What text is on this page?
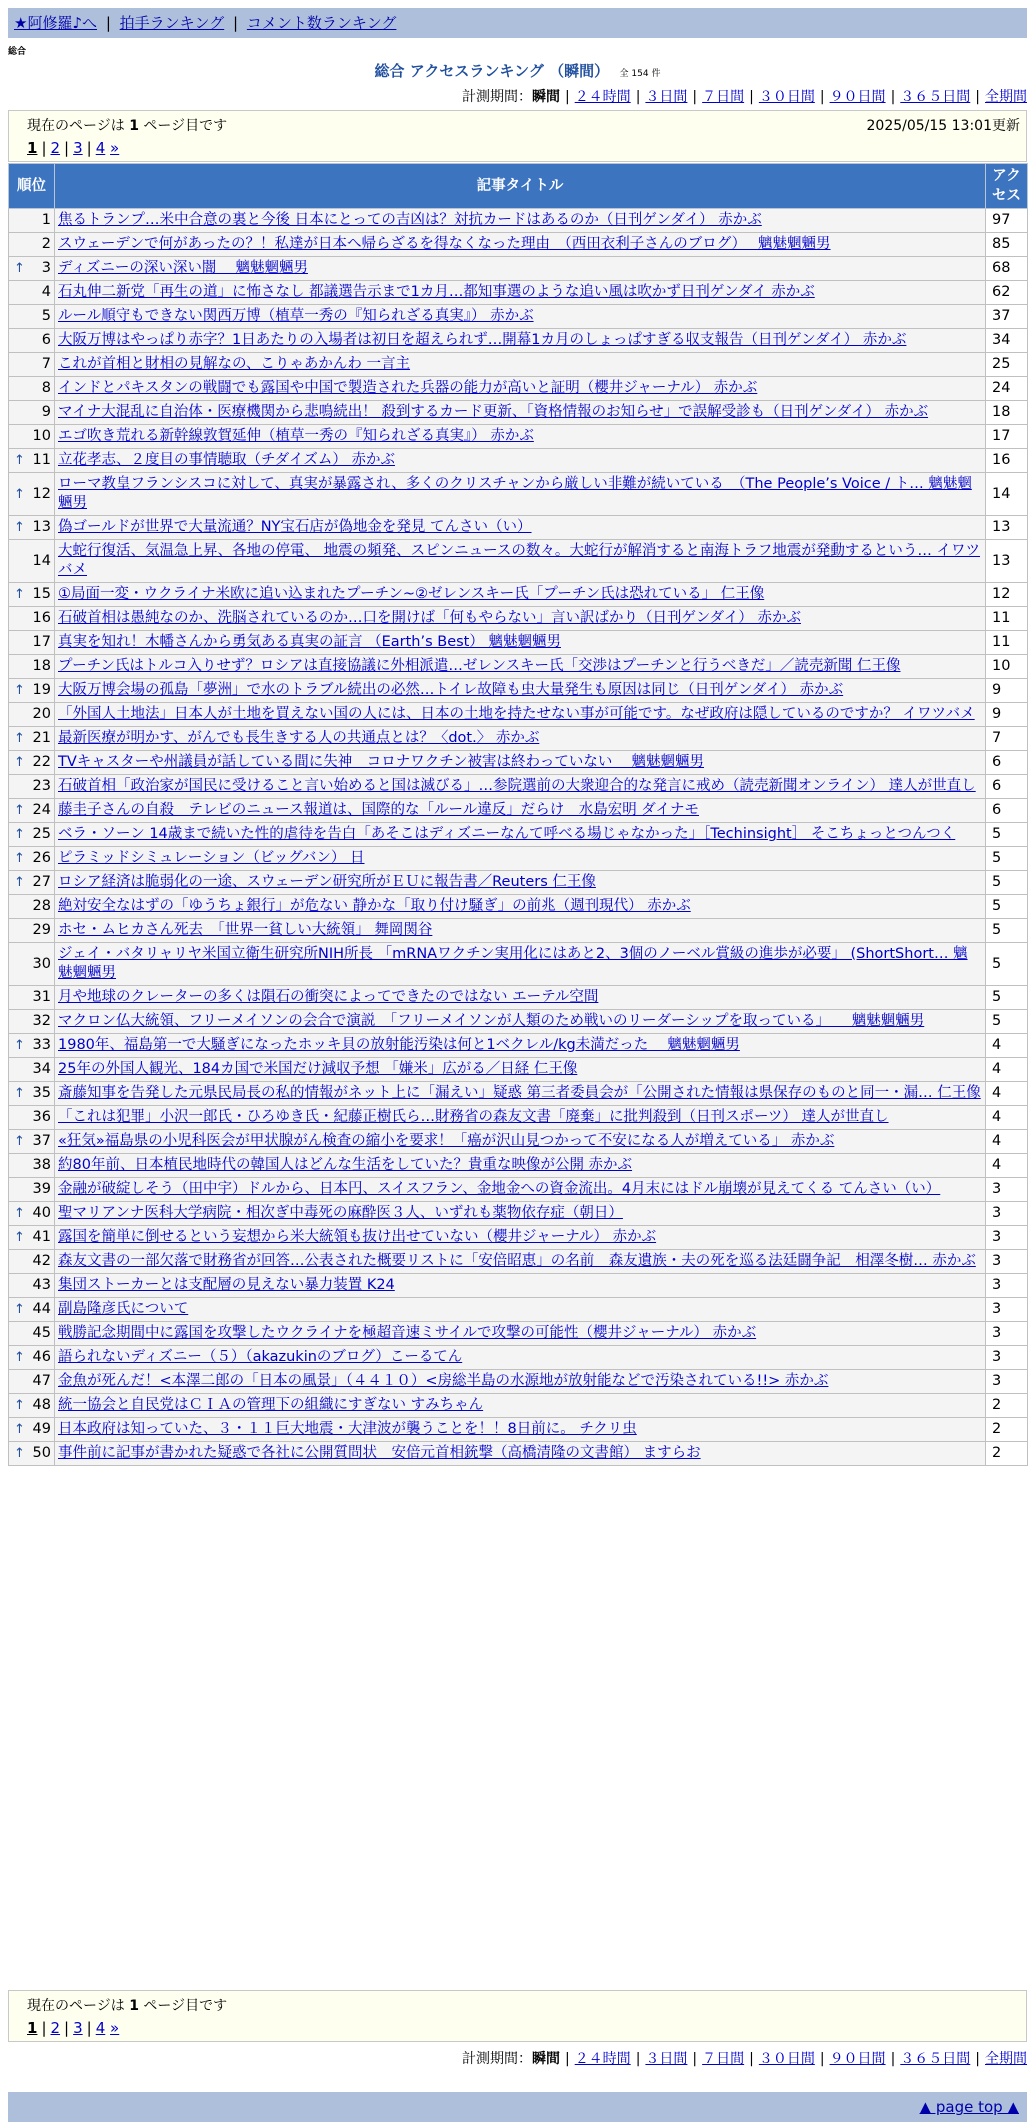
★阿修羅♪へ | 拍手ランキング | コメント数ランキング
総合
総合 アクセスランキング （瞬間） 全 154 件
計測期間：瞬間 | ２４時間 | ３日間 | ７日間 | ３０日間 | ９０日間 | ３６５日間 | 全期間
現在のページは 1 ページ目です	2025/05/15 13:01更新
1 | 2 | 3 | 4 »
順位	記事タイトル	アクセス
1	焦るトランプ…米中合意の裏と今後 日本にとっての吉凶は？対抗カードはあるのか（日刊ゲンダイ） 赤かぶ	97
2	スウェーデンで何があったの？！私達が日本へ帰らざるを得なくなった理由　（西田衣利子さんのブログ）　 魑魅魍魎男	85

↑ 3	ディズニーの深い深い闇　 魑魅魍魎男	68
4	石丸伸二新党「再生の道」に怖さなし 都議選告示まで1カ月…都知事選のような追い風は吹かず日刊ゲンダイ 赤かぶ	62
5	ルール順守もできない関西万博（植草一秀の『知られざる真実』） 赤かぶ	37
6	大阪万博はやっぱり赤字？1日あたりの入場者は初日を超えられず…開幕1カ月のしょっぱすぎる収支報告（日刊ゲンダイ） 赤かぶ	34
7	これが首相と財相の見解なの、こりゃあかんわ 一言主	25
8	インドとパキスタンの戦闘でも露国や中国で製造された兵器の能力が高いと証明（櫻井ジャーナル） 赤かぶ	24
9	マイナ大混乱に自治体・医療機関から悲鳴続出！ 殺到するカード更新、「資格情報のお知らせ」で誤解受診も（日刊ゲンダイ） 赤かぶ	18
10	エゴ吹き荒れる新幹線敦賀延伸（植草一秀の『知られざる真実』） 赤かぶ	17

↑ 11	立花孝志、２度目の事情聴取（チダイズム） 赤かぶ	16

↑ 12	ローマ教皇フランシスコに対して、真実が暴露され、多くのクリスチャンから厳しい非難が続いている　（The People’s Voice / ト… 魑魅魍魎男	14

↑ 13	偽ゴールドが世界で大量流通？NY宝石店が偽地金を発見 てんさい（い）	13
14	大蛇行復活、気温急上昇、各地の停電、 地震の頻発、スピンニュースの数々。大蛇行が解消すると南海トラフ地震が発動するという… イワツバメ	13

↑ 15	①局面一変・ウクライナ米欧に追い込まれたプーチン~②ゼレンスキー氏「プーチン氏は恐れている」 仁王像	12
16	石破首相は愚純なのか、洗脳されているのか…口を開けば「何もやらない」言い訳ばかり（日刊ゲンダイ） 赤かぶ	11
17	真実を知れ！木幡さんから勇気ある真実の証言 （Earth’s Best） 魑魅魍魎男	11
18	プーチン氏はトルコ入りせず？ロシアは直接協議に外相派遣…ゼレンスキー氏「交渉はプーチンと行うべきだ」／読売新聞 仁王像	10

↑ 19	大阪万博会場の孤島「夢洲」で水のトラブル続出の必然…トイレ故障も虫大量発生も原因は同じ（日刊ゲンダイ） 赤かぶ	9
20	「外国人土地法」日本人が土地を買えない国の人には、日本の土地を持たせない事が可能です。なぜ政府は隠しているのですか？ イワツバメ	9

↑ 21	最新医療が明かす、がんでも長生きする人の共通点とは？〈dot.〉 赤かぶ	7

↑ 22	TVキャスターや州議員が話している間に失神　コロナワクチン被害は終わっていない　 魑魅魍魎男	6
23	石破首相「政治家が国民に受けること言い始めると国は滅びる」…参院選前の大衆迎合的な発言に戒め（読売新聞オンライン） 達人が世直し	6

↑ 24	藤圭子さんの自殺　テレビのニュース報道は、国際的な「ルール違反」だらけ　水島宏明 ダイナモ	6

↑ 25	ベラ・ソーン 14歳まで続いた性的虐待を告白「あそこはディズニーなんて呼べる場じゃなかった」［Techinsight］ そこちょっとつんつく	5

↑ 26	ピラミッドシミュレーション（ビッグバン） 日	5

↑ 27	ロシア経済は脆弱化の一途、スウェーデン研究所がＥＵに報告書／Reuters 仁王像	5
28	絶対安全なはずの「ゆうちょ銀行」が危ない 静かな「取り付け騒ぎ」の前兆（週刊現代） 赤かぶ	5
29	ホセ・ムヒカさん死去　「世界一貧しい大統領」 舞岡関谷	5
30	ジェイ・バタリャリヤ米国立衛生研究所NIH所長 「mRNAワクチン実用化にはあと2、3個のノーベル賞級の進歩が必要」 (ShortShort… 魑魅魍魎男	5
31	月や地球のクレーターの多くは隕石の衝突によってできたのではない エーテル空間	5
32	マクロン仏大統領、フリーメイソンの会合で演説　「フリーメイソンが人類のため戦いのリーダーシップを取っている」　　魑魅魍魎男	5

↑ 33	1980年、福島第一で大騒ぎになったホッキ貝の放射能汚染は何と1ベクレル/kg未満だった　 魑魅魍魎男	4
34	25年の外国人観光、184カ国で米国だけ減収予想 「嫌米」広がる／日経 仁王像	4

↑ 35	斎藤知事を告発した元県民局長の私的情報がネット上に「漏えい」疑惑 第三者委員会が「公開された情報は県保存のものと同一・漏… 仁王像	4
36	「これは犯罪」小沢一郎氏・ひろゆき氏・紀藤正樹氏ら…財務省の森友文書「廃棄」に批判殺到（日刊スポーツ） 達人が世直し	4

↑ 37	«狂気»福島県の小児科医会が甲状腺がん検査の縮小を要求！「癌が沢山見つかって不安になる人が増えている」 赤かぶ	4
38	約80年前、日本植民地時代の韓国人はどんな生活をしていた？貴重な映像が公開 赤かぶ	4
39	金融が破綻しそう（田中宇）ドルから、日本円、スイスフラン、金地金への資金流出。4月末にはドル崩壊が見えてくる てんさい（い）	3

↑ 40	聖マリアンナ医科大学病院・相次ぎ中毒死の麻酔医３人、いずれも薬物依存症（朝日）	3

↑ 41	露国を簡単に倒せるという妄想から米大統領も抜け出せていない（櫻井ジャーナル） 赤かぶ	3
42	森友文書の一部欠落で財務省が回答…公表された概要リストに「安倍昭恵」の名前　森友遺族・夫の死を巡る法廷闘争記　相澤冬樹… 赤かぶ	3
43	集団ストーカーとは支配層の見えない暴力装置 K24	3

↑ 44	副島隆彦氏について	3
45	戦勝記念期間中に露国を攻撃したウクライナを極超音速ミサイルで攻撃の可能性（櫻井ジャーナル） 赤かぶ	3

↑ 46	語られないディズニー（５）（akazukinのブログ）こーるてん	3
47	金魚が死んだ！<本澤二郎の「日本の風景」（４４１０）<房総半島の水源地が放射能などで汚染されている!!> 赤かぶ	3

↑ 48	統一協会と自民党はＣＩＡの管理下の組織にすぎない すみちゃん	2

↑ 49	日本政府は知っていた、３・１１巨大地震・大津波が襲うことを！！8日前に。 チクリ虫	2

↑ 50	事件前に記事が書かれた疑惑で各社に公開質問状　安倍元首相銃撃（高橋清隆の文書館） ますらお	2
現在のページは 1 ページ目です
1 | 2 | 3 | 4 »
計測期間：瞬間 | ２４時間 | ３日間 | ７日間 | ３０日間 | ９０日間 | ３６５日間 | 全期間
▲ page top ▲
